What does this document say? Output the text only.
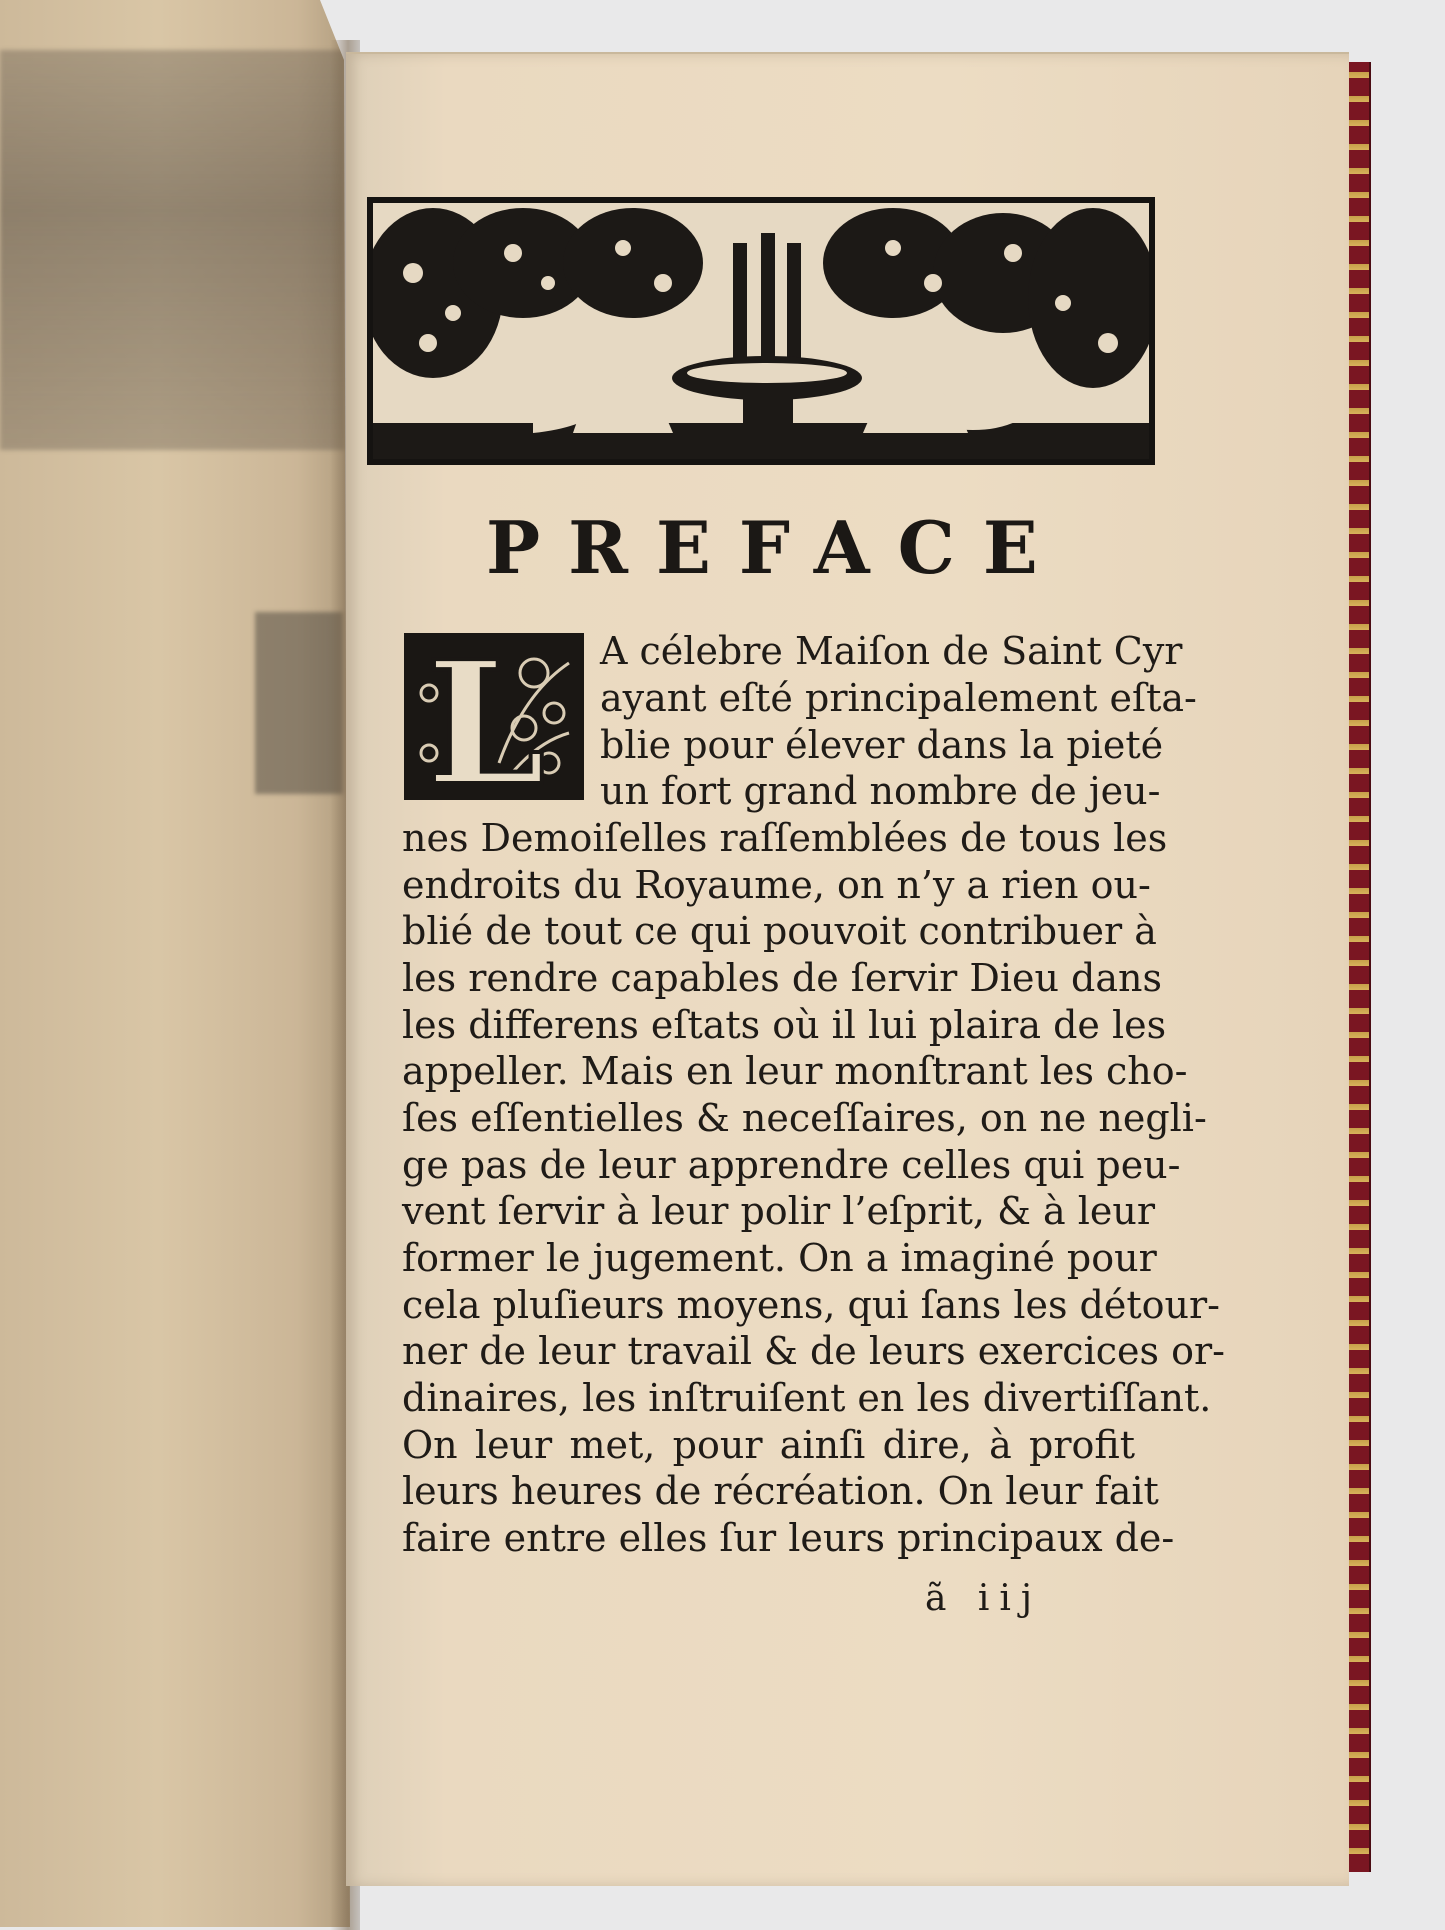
PREFACE
L A célebre Maiſon de Saint Cyr

ayant eſté principalement eſta-

blie pour élever dans la pieté

un fort grand nombre de jeu-

nes Demoiſelles raſſemblées de tous les

endroits du Royaume, on n’y a rien ou-

blié de tout ce qui pouvoit contribuer à

les rendre capables de ſervir Dieu dans

les differens eſtats où il lui plaira de les

appeller. Mais en leur monſtrant les cho-

ſes eſſentielles & neceſſaires, on ne negli-

ge pas de leur apprendre celles qui peu-

vent ſervir à leur polir l’eſprit, & à leur

former le jugement. On a imaginé pour

cela pluſieurs moyens, qui ſans les détour-

ner de leur travail & de leurs exercices or-

dinaires, les inſtruiſent en les divertiſſant.

On leur met, pour ainſi dire, à profit

leurs heures de récréation. On leur fait

faire entre elles ſur leurs principaux de-

ã iij
